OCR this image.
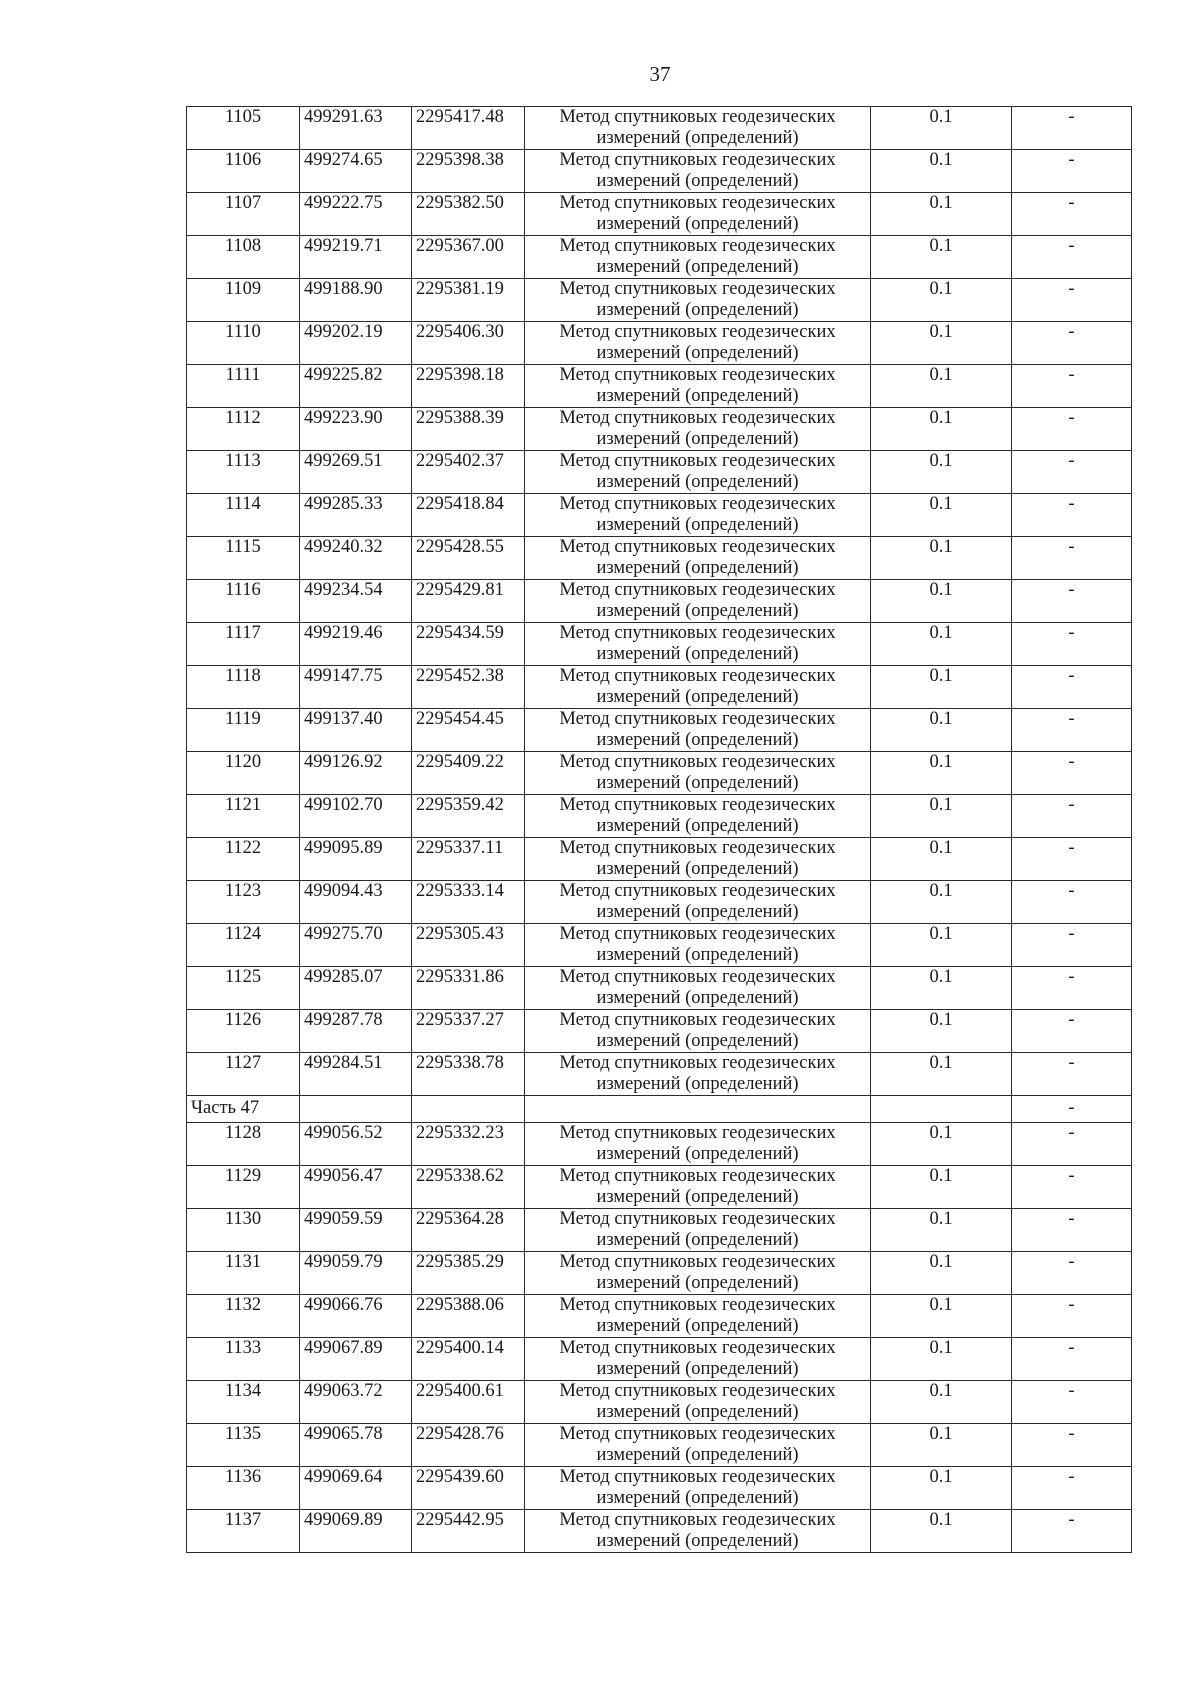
37
1105	499291.63	2295417.48	Метод спутниковых геодезических
измерений (определений)	0.1	-
1106	499274.65	2295398.38	Метод спутниковых геодезических
измерений (определений)	0.1	-
1107	499222.75	2295382.50	Метод спутниковых геодезических
измерений (определений)	0.1	-
1108	499219.71	2295367.00	Метод спутниковых геодезических
измерений (определений)	0.1	-
1109	499188.90	2295381.19	Метод спутниковых геодезических
измерений (определений)	0.1	-
1110	499202.19	2295406.30	Метод спутниковых геодезических
измерений (определений)	0.1	-
1111	499225.82	2295398.18	Метод спутниковых геодезических
измерений (определений)	0.1	-
1112	499223.90	2295388.39	Метод спутниковых геодезических
измерений (определений)	0.1	-
1113	499269.51	2295402.37	Метод спутниковых геодезических
измерений (определений)	0.1	-
1114	499285.33	2295418.84	Метод спутниковых геодезических
измерений (определений)	0.1	-
1115	499240.32	2295428.55	Метод спутниковых геодезических
измерений (определений)	0.1	-
1116	499234.54	2295429.81	Метод спутниковых геодезических
измерений (определений)	0.1	-
1117	499219.46	2295434.59	Метод спутниковых геодезических
измерений (определений)	0.1	-
1118	499147.75	2295452.38	Метод спутниковых геодезических
измерений (определений)	0.1	-
1119	499137.40	2295454.45	Метод спутниковых геодезических
измерений (определений)	0.1	-
1120	499126.92	2295409.22	Метод спутниковых геодезических
измерений (определений)	0.1	-
1121	499102.70	2295359.42	Метод спутниковых геодезических
измерений (определений)	0.1	-
1122	499095.89	2295337.11	Метод спутниковых геодезических
измерений (определений)	0.1	-
1123	499094.43	2295333.14	Метод спутниковых геодезических
измерений (определений)	0.1	-
1124	499275.70	2295305.43	Метод спутниковых геодезических
измерений (определений)	0.1	-
1125	499285.07	2295331.86	Метод спутниковых геодезических
измерений (определений)	0.1	-
1126	499287.78	2295337.27	Метод спутниковых геодезических
измерений (определений)	0.1	-
1127	499284.51	2295338.78	Метод спутниковых геодезических
измерений (определений)	0.1	-
Часть 47					-
1128	499056.52	2295332.23	Метод спутниковых геодезических
измерений (определений)	0.1	-
1129	499056.47	2295338.62	Метод спутниковых геодезических
измерений (определений)	0.1	-
1130	499059.59	2295364.28	Метод спутниковых геодезических
измерений (определений)	0.1	-
1131	499059.79	2295385.29	Метод спутниковых геодезических
измерений (определений)	0.1	-
1132	499066.76	2295388.06	Метод спутниковых геодезических
измерений (определений)	0.1	-
1133	499067.89	2295400.14	Метод спутниковых геодезических
измерений (определений)	0.1	-
1134	499063.72	2295400.61	Метод спутниковых геодезических
измерений (определений)	0.1	-
1135	499065.78	2295428.76	Метод спутниковых геодезических
измерений (определений)	0.1	-
1136	499069.64	2295439.60	Метод спутниковых геодезических
измерений (определений)	0.1	-
1137	499069.89	2295442.95	Метод спутниковых геодезических
измерений (определений)	0.1	-
